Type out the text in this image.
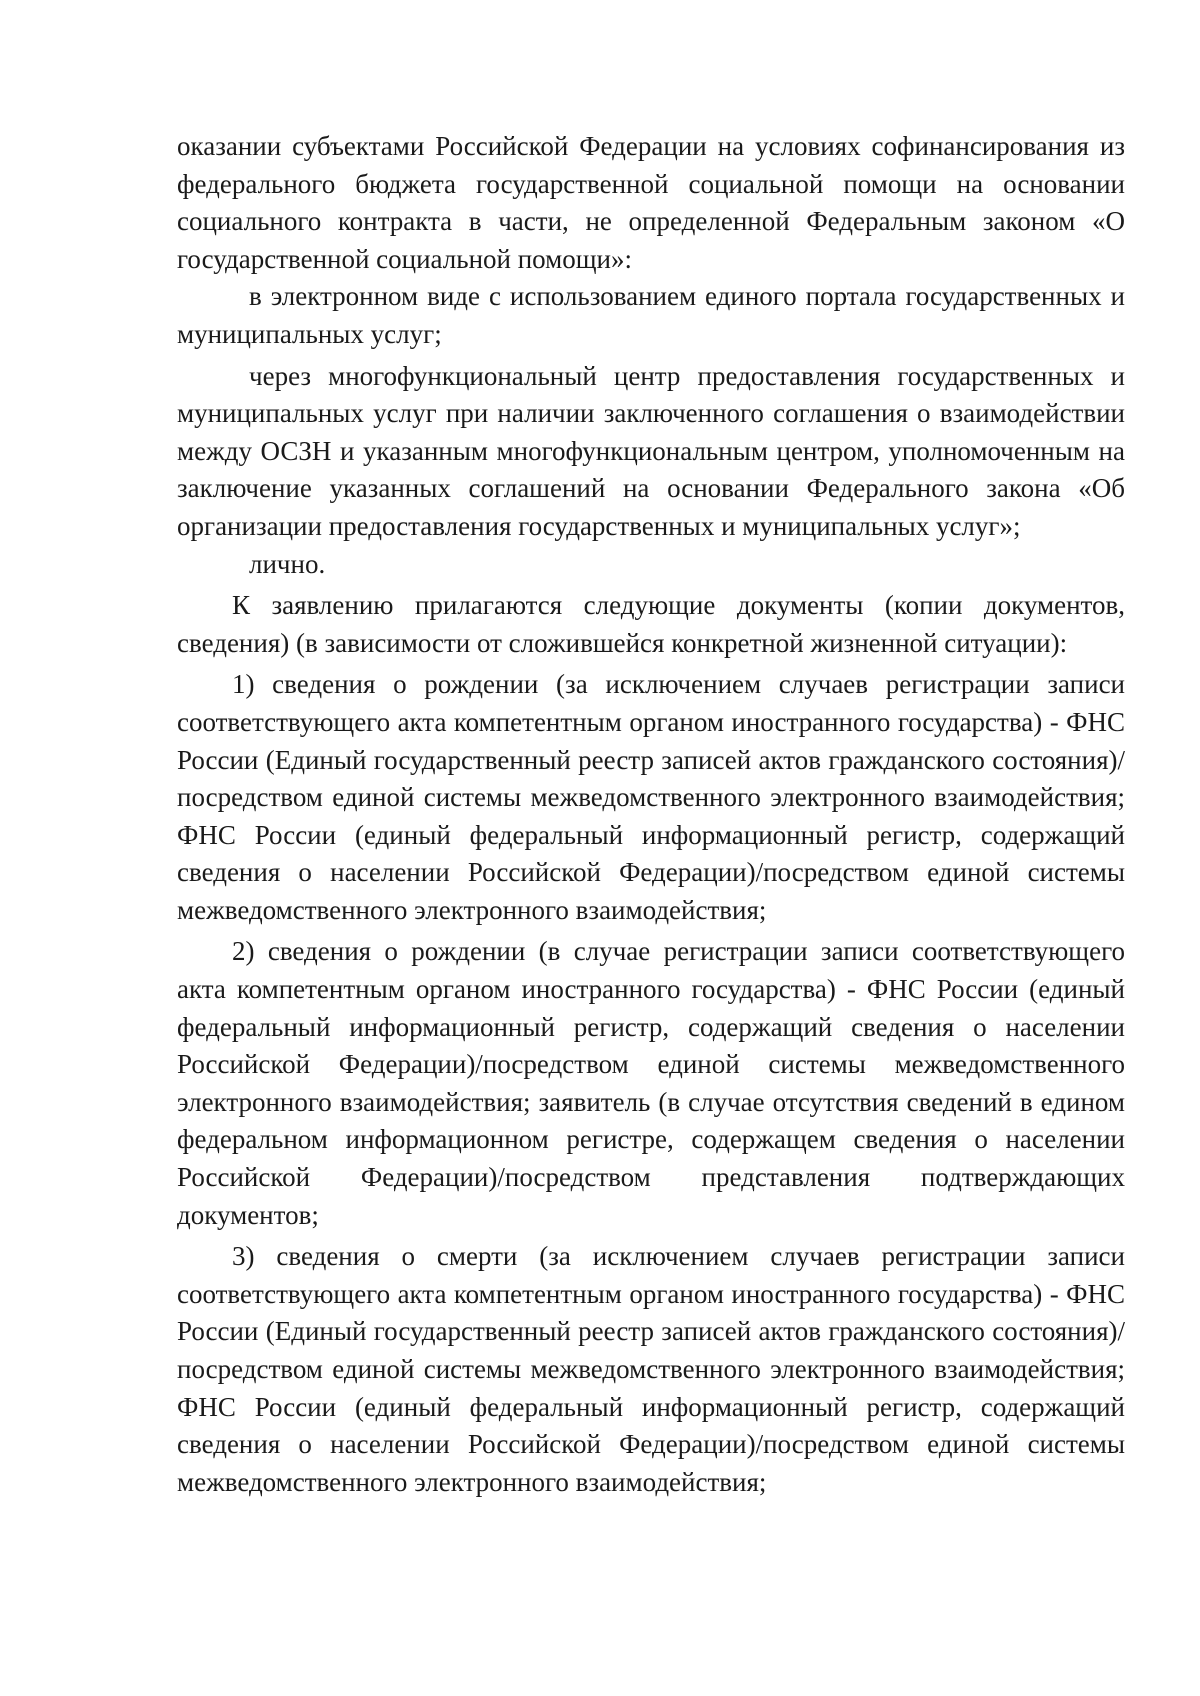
оказании субъектами Российской Федерации на условиях софинансирования из федерального бюджета государственной социальной помощи на основании социального контракта в части, не определенной Федеральным законом «О государственной социальной помощи»:

в электронном виде с использованием единого портала государственных и муниципальных услуг;

через многофункциональный центр предоставления государственных и муниципальных услуг при наличии заключенного соглашения о взаимодействии между ОСЗН и указанным многофункциональным центром, уполномоченным на заключение указанных соглашений на основании Федерального закона «Об организации предоставления государственных и муниципальных услуг»;

лично.

К заявлению прилагаются следующие документы (копии документов, сведения) (в зависимости от сложившейся конкретной жизненной ситуации):

1) сведения о рождении (за исключением случаев регистрации записи соответствующего акта компетентным органом иностранного государства) - ФНС России (Единый государственный реестр записей актов гражданского состояния)/посредством единой системы межведомственного электронного взаимодействия; ФНС России (единый федеральный информационный регистр, содержащий сведения о населении Российской Федерации)/посредством единой системы межведомственного электронного взаимодействия;

2) сведения о рождении (в случае регистрации записи соответствующего акта компетентным органом иностранного государства) - ФНС России (единый федеральный информационный регистр, содержащий сведения о населении Российской Федерации)/посредством единой системы межведомственного электронного взаимодействия; заявитель (в случае отсутствия сведений в едином федеральном информационном регистре, содержащем сведения о населении Российской Федерации)/посредством представления подтверждающих документов;

3) сведения о смерти (за исключением случаев регистрации записи соответствующего акта компетентным органом иностранного государства) - ФНС России (Единый государственный реестр записей актов гражданского состояния)/посредством единой системы межведомственного электронного взаимодействия; ФНС России (единый федеральный информационный регистр, содержащий сведения о населении Российской Федерации)/посредством единой системы межведомственного электронного взаимодействия;
